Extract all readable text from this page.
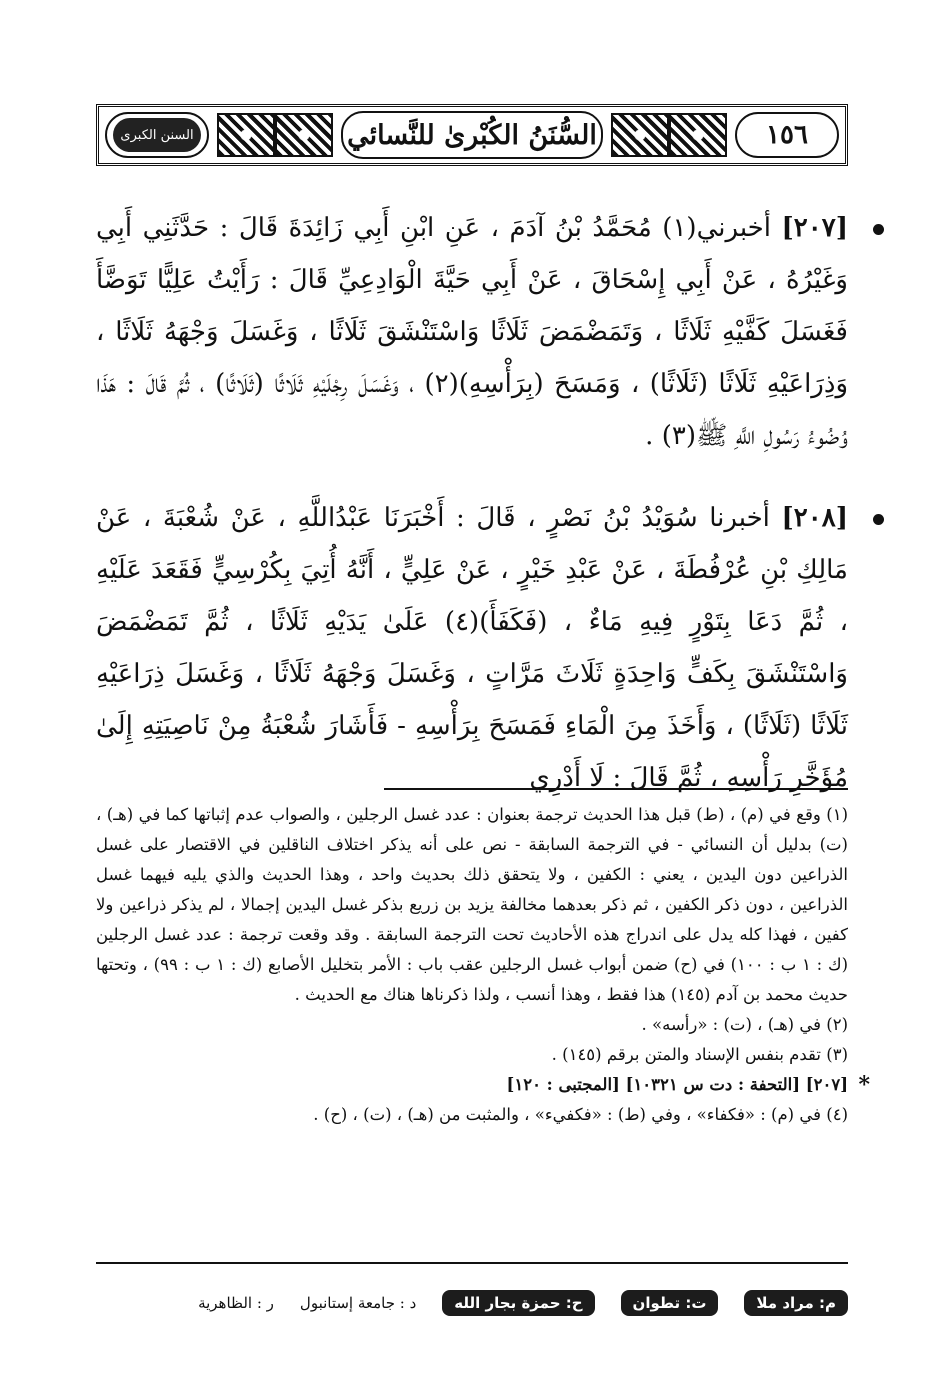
١٥٦
السُّنَنُ الكُبْرىٰ للنَّسائي
السنن الكبرى

[٢٠٧] أخبرني(١) مُحَمَّدُ بْنُ آدَمَ ، عَنِ ابْنِ أَبِي زَائِدَةَ قَالَ : حَدَّثَنِي أَبِي وَغَيْرُهُ ، عَنْ أَبِي إِسْحَاقَ ، عَنْ أَبِي حَيَّةَ الْوَادِعِيِّ قَالَ : رَأَيْتُ عَلِيًّا تَوَضَّأَ فَغَسَلَ كَفَّيْهِ ثَلَاثًا ، وَتَمَضْمَضَ ثَلَاثًا وَاسْتَنْشَقَ ثَلَاثًا ، وَغَسَلَ وَجْهَهُ ثَلَاثًا ، وَذِرَاعَيْهِ ثَلَاثًا (ثَلَاثًا) ، وَمَسَحَ (بِرَأْسِهِ)(٢) ، وَغَسَلَ رِجْلَيْهِ ثَلَاثًا (ثَلَاثًا) ، ثُمَّ قَالَ : هَذَا وُضُوءُ رَسُولِ اللَّهِ ﷺ(٣) .

[٢٠٨] أخبرنا سُوَيْدُ بْنُ نَصْرٍ ، قَالَ : أَخْبَرَنَا عَبْدُاللَّهِ ، عَنْ شُعْبَةَ ، عَنْ مَالِكِ بْنِ عُرْفُطَةَ ، عَنْ عَبْدِ خَيْرٍ ، عَنْ عَلِيٍّ ، أَنَّهُ أُتِيَ بِكُرْسِيٍّ فَقَعَدَ عَلَيْهِ ، ثُمَّ دَعَا بِتَوْرٍ فِيهِ مَاءٌ ، (فَكَفَأَ)(٤) عَلَىٰ يَدَيْهِ ثَلَاثًا ، ثُمَّ تَمَضْمَضَ وَاسْتَنْشَقَ بِكَفٍّ وَاحِدَةٍ ثَلَاثَ مَرَّاتٍ ، وَغَسَلَ وَجْهَهُ ثَلَاثًا ، وَغَسَلَ ذِرَاعَيْهِ ثَلَاثًا (ثَلَاثًا) ، وَأَخَذَ مِنَ الْمَاءِ فَمَسَحَ بِرَأْسِهِ - فَأَشَارَ شُعْبَةُ مِنْ نَاصِيَتِهِ إِلَىٰ مُؤَخَّرِ رَأْسِهِ ، ثُمَّ قَالَ : لَا أَدْرِي

(١) وقع في (م) ، (ط) قبل هذا الحديث ترجمة بعنوان : عدد غسل الرجلين ، والصواب عدم إثباتها كما في (هـ) ، (ت) بدليل أن النسائي - في الترجمة السابقة - نص على أنه يذكر اختلاف الناقلين في الاقتصار على غسل الذراعين دون اليدين ، يعني : الكفين ، ولا يتحقق ذلك بحديث واحد ، وهذا الحديث والذي يليه فيهما غسل الذراعين ، دون ذكر الكفين ، ثم ذكر بعدهما مخالفة يزيد بن زريع بذكر غسل اليدين إجمالا ، لم يذكر ذراعين ولا كفين ، فهذا كله يدل على اندراج هذه الأحاديث تحت الترجمة السابقة . وقد وقعت ترجمة : عدد غسل الرجلين (ك : ١ ب : ١٠٠) في (ح) ضمن أبواب غسل الرجلين عقب باب : الأمر بتخليل الأصابع (ك : ١ ب : ٩٩) ، وتحتها حديث محمد بن آدم (١٤٥) هذا فقط ، وهذا أنسب ، ولذا ذكرناها هناك مع الحديث .

(٢) في (هـ) ، (ت) : «رأسه» .

(٣) تقدم بنفس الإسناد والمتن برقم (١٤٥) .

*
[٢٠٧] [التحفة : دت س ١٠٣٢١] [المجتبى : ١٢٠]

(٤) في (م) : «فكفاء» ، وفي (ط) : «فكفيء» ، والمثبت من (هـ) ، (ت) ، (ح) .

م: مراد ملا
ت: تطوان
ح: حمزة بجار الله
د : جامعة إستانبول
ر : الظاهرية
